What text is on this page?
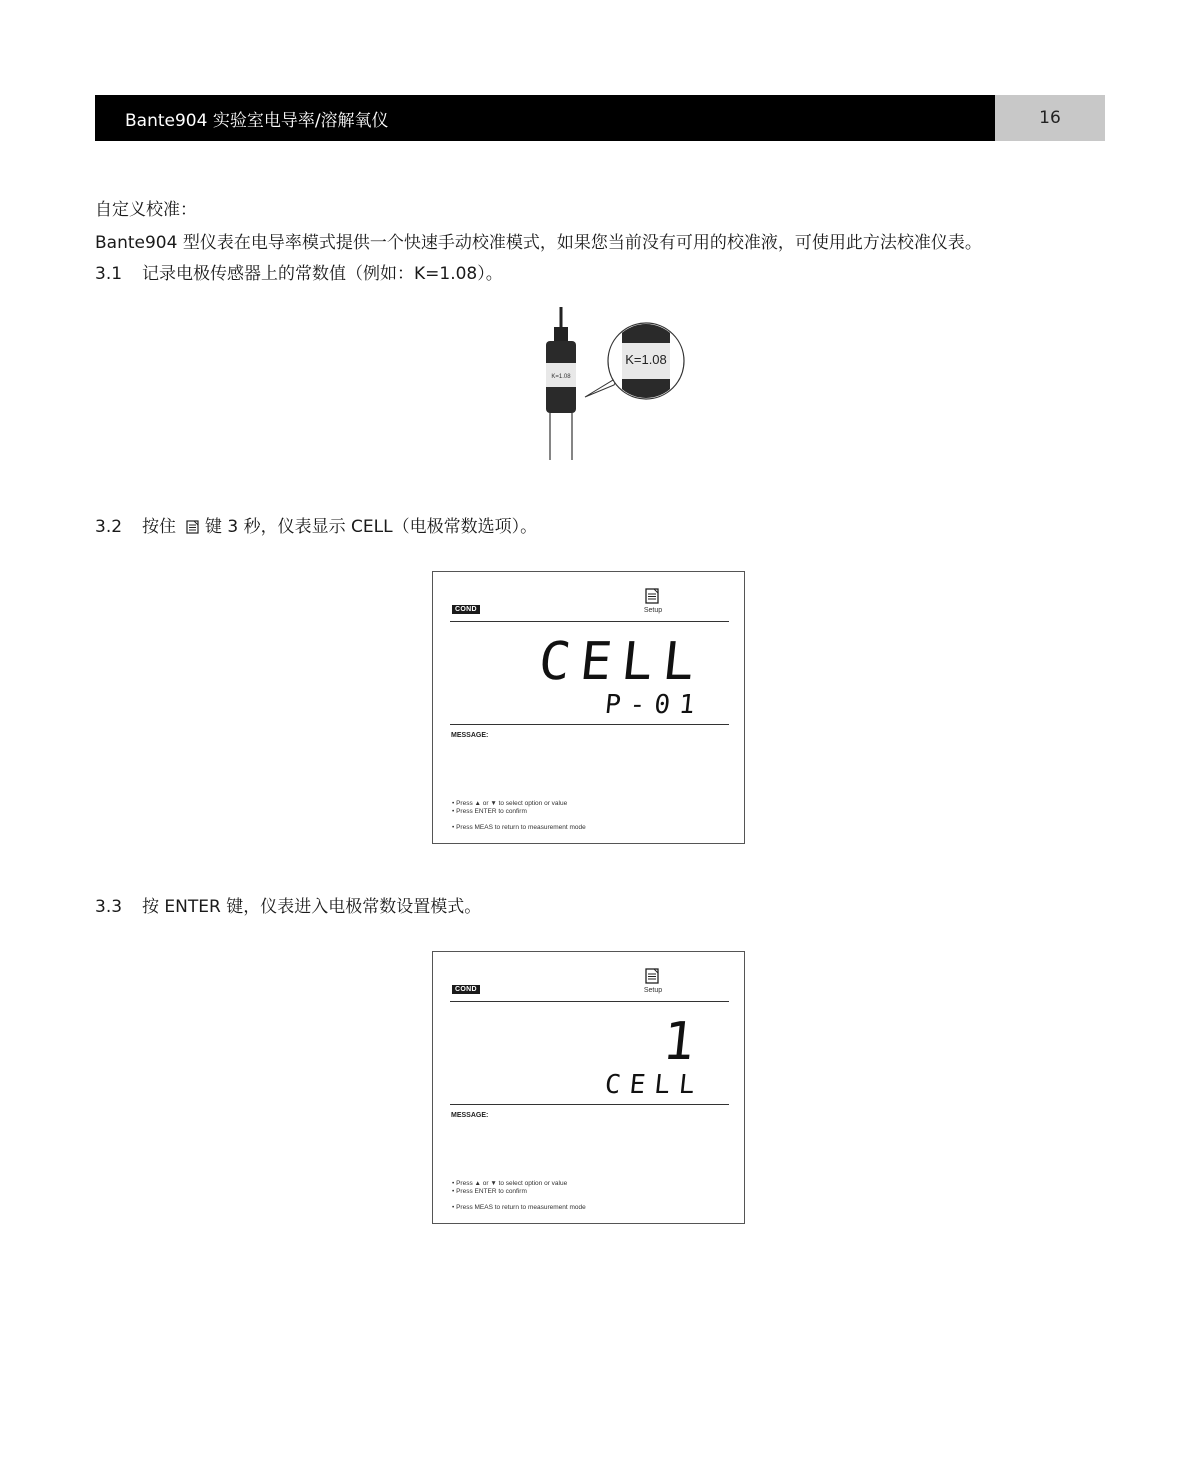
Bante904 实验室电导率/溶解氧仪	16
自定义校准：
Bante904 型仪表在电导率模式提供一个快速手动校准模式，如果您当前没有可用的校准液，可使用此方法校准仪表。
3.1 记录电极传感器上的常数值（例如：K=1.08）。
K=1.08
K=1.08
3.2 按住 键 3 秒，仪表显示 CELL（电极常数选项）。
COND	Setup
CELL
P-01
MESSAGE:
• Press ▲ or ▼ to select option or value
• Press ENTER to confirm
• Press MEAS to return to measurement mode
3.3 按 ENTER 键，仪表进入电极常数设置模式。
COND	Setup
1
CELL
MESSAGE:
• Press ▲ or ▼ to select option or value
• Press ENTER to confirm
• Press MEAS to return to measurement mode
